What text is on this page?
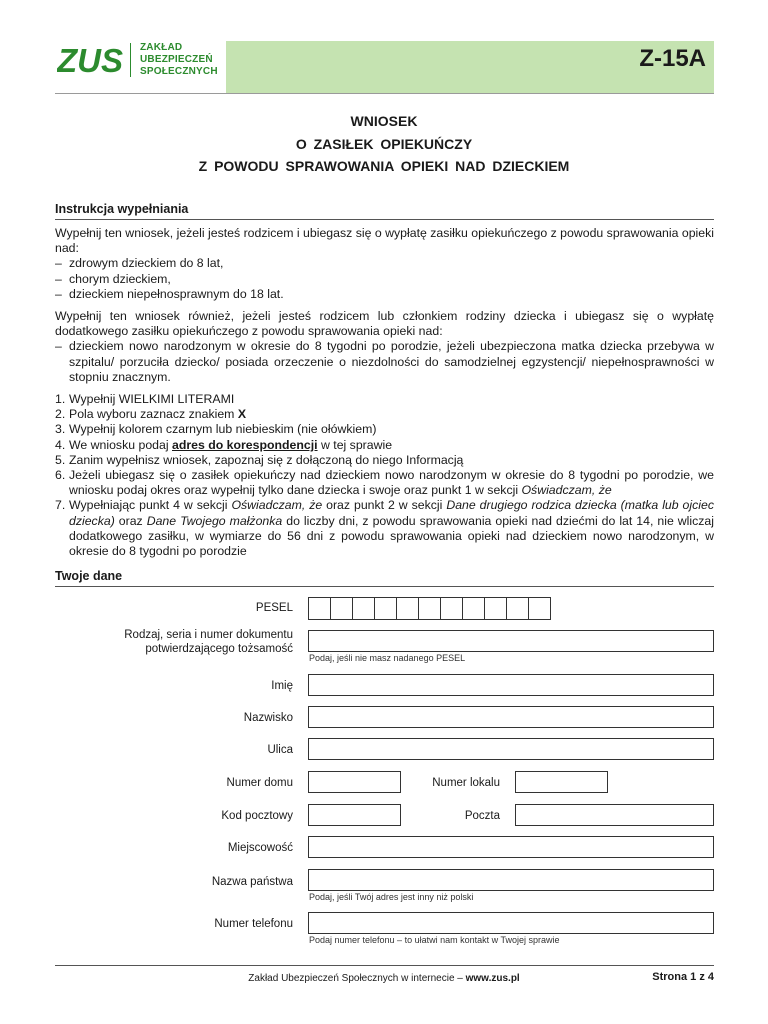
ZUS ZAKŁAD
UBEZPIECZEŃ
SPOŁECZNYCH	Z-15A
WNIOSEK
O ZASIŁEK OPIEKUŃCZY
Z POWODU SPRAWOWANIA OPIEKI NAD DZIECKIEM
Instrukcja wypełniania

Wypełnij ten wniosek, jeżeli jesteś rodzicem i ubiegasz się o wypłatę zasiłku opiekuńczego z powodu sprawowania opieki nad:

– zdrowym dzieckiem do 8 lat,
– chorym dzieckiem,
– dzieckiem niepełnosprawnym do 18 lat.

Wypełnij ten wniosek również, jeżeli jesteś rodzicem lub członkiem rodziny dziecka i ubiegasz się o wypłatę dodatkowego zasiłku opiekuńczego z powodu sprawowania opieki nad:

– dzieckiem nowo narodzonym w okresie do 8 tygodni po porodzie, jeżeli ubezpieczona matka dziecka przebywa w szpitalu/ porzuciła dziecko/ posiada orzeczenie o niezdolności do samodzielnej egzystencji/ niepełnosprawności w stopniu znacznym.
1. Wypełnij WIELKIMI LITERAMI
2. Pola wyboru zaznacz znakiem X
3. Wypełnij kolorem czarnym lub niebieskim (nie ołówkiem)
4. We wniosku podaj adres do korespondencji w tej sprawie
5. Zanim wypełnisz wniosek, zapoznaj się z dołączoną do niego Informacją
6. Jeżeli ubiegasz się o zasiłek opiekuńczy nad dzieckiem nowo narodzonym w okresie do 8 tygodni po porodzie, we wniosku podaj okres oraz wypełnij tylko dane dziecka i swoje oraz punkt 1 w sekcji Oświadczam, że
7. Wypełniając punkt 4 w sekcji Oświadczam, że oraz punkt 2 w sekcji Dane drugiego rodzica dziecka (matka lub ojciec dziecka) oraz Dane Twojego małżonka do liczby dni, z powodu sprawowania opieki nad dziećmi do lat 14, nie wliczaj dodatkowego zasiłku, w wymiarze do 56 dni z powodu sprawowania opieki nad dzieckiem nowo narodzonym, w okresie do 8 tygodni po porodzie
Twoje dane
PESEL
Rodzaj, seria i numer dokumentu
potwierdzającego tożsamość
Podaj, jeśli nie masz nadanego PESEL
Imię
Nazwisko
Ulica
Numer domu	Numer lokalu
Kod pocztowy	Poczta
Miejscowość
Nazwa państwa
Podaj, jeśli Twój adres jest inny niż polski
Numer telefonu
Podaj numer telefonu – to ułatwi nam kontakt w Twojej sprawie
Zakład Ubezpieczeń Społecznych w internecie – www.zus.pl	Strona 1 z 4
